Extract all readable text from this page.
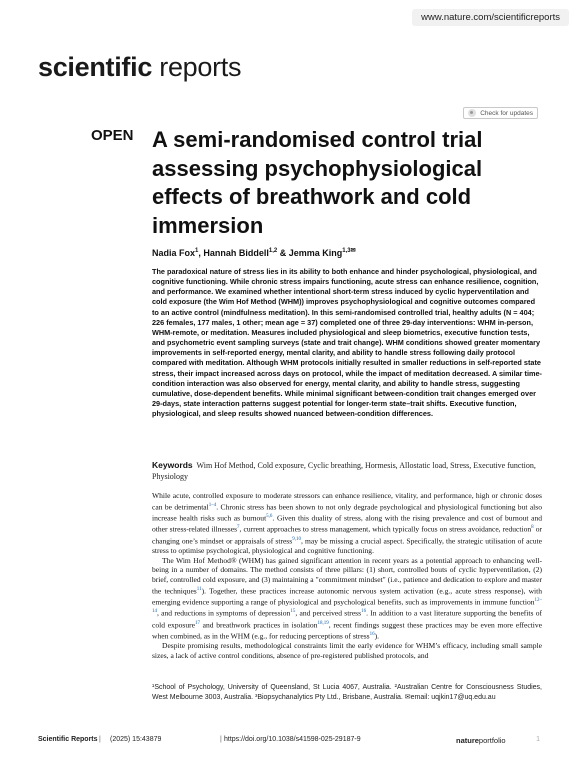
www.nature.com/scientificreports
scientific reports
Check for updates
OPEN A semi-randomised control trial assessing psychophysiological effects of breathwork and cold immersion
Nadia Fox$^1$, Hannah Biddell$^{1,2}$ & Jemma King$^{1,3✉}$

The paradoxical nature of stress lies in its ability to both enhance and hinder psychological, physiological, and cognitive functioning. While chronic stress impairs functioning, acute stress can enhance resilience, cognition, and performance. We examined whether intentional short-term stress induced by cyclic hyperventilation and cold exposure (the Wim Hof Method (WHM)) improves psychophysiological and cognitive outcomes compared to an active control (mindfulness meditation). In this semi-randomised controlled trial, healthy adults (N = 404; 226 females, 177 males, 1 other; mean age = 37) completed one of three 29-day interventions: WHM in-person, WHM-remote, or meditation. Measures included physiological and sleep biometrics, executive function tests, and psychometric event sampling surveys (state and trait change). WHM conditions showed greater momentary improvements in self-reported energy, mental clarity, and ability to handle stress following daily protocol compared with meditation. Although WHM protocols initially resulted in smaller reductions in self-reported state stress, their impact increased across days on protocol, while the impact of meditation decreased. A similar time-condition interaction was also observed for energy, mental clarity, and ability to handle stress, suggesting cumulative, dose-dependent benefits. While minimal significant between-condition trait changes emerged over 29-days, state interaction patterns suggest potential for longer-term state–trait shifts. Executive function, physiological, and sleep results showed nuanced between-condition differences.

Keywords Wim Hof Method, Cold exposure, Cyclic breathing, Hormesis, Allostatic load, Stress, Executive function, Physiology

While acute, controlled exposure to moderate stressors can enhance resilience, vitality, and performance, high or chronic doses can be detrimental$^{1-4}$. Chronic stress has been shown to not only degrade psychological and physiological functioning but also increase health risks such as burnout$^{5,6}$. Given this duality of stress, along with the rising prevalence and cost of burnout and other stress-related illnesses$^7$, current approaches to stress management, which typically focus on stress avoidance, reduction$^8$ or changing one’s mindset or appraisals of stress$^{9,10}$, may be missing a crucial aspect. Specifically, the strategic utilisation of acute stress to optimise psychological, physiological and cognitive functioning.

The Wim Hof Method® (WHM) has gained significant attention in recent years as a potential approach to enhancing well-being in a number of domains. The method consists of three pillars: (1) short, controlled bouts of cyclic hyperventilation, (2) brief, controlled cold exposure, and (3) maintaining a "commitment mindset" (i.e., patience and dedication to explore and master the techniques$^{11}$). Together, these practices increase autonomic nervous system activation (e.g., acute stress response), with emerging evidence supporting a range of physiological and psychological benefits, such as improvements in immune function$^{12-14}$, and reductions in symptoms of depression$^{15}$, and perceived stress$^{16}$. In addition to a vast literature supporting the benefits of cold exposure$^{17}$ and breathwork practices in isolation$^{18,19}$, recent findings suggest these practices may be even more effective when combined, as in the WHM (e.g., for reducing perceptions of stress$^{16}$).

Despite promising results, methodological constraints limit the early evidence for WHM’s efficacy, including small sample sizes, a lack of active control conditions, absence of pre-registered published protocols, and

¹School of Psychology, University of Queensland, St Lucia 4067, Australia. ²Australian Centre for Consciousness Studies, West Melbourne 3003, Australia. ³Biopsychanalytics Pty Ltd., Brisbane, Australia. ✉email: uqjkin17@uq.edu.au

Scientific Reports | (2025) 15:43879	| https://doi.org/10.1038/s41598-025-29187-9	natureportfolio	1
